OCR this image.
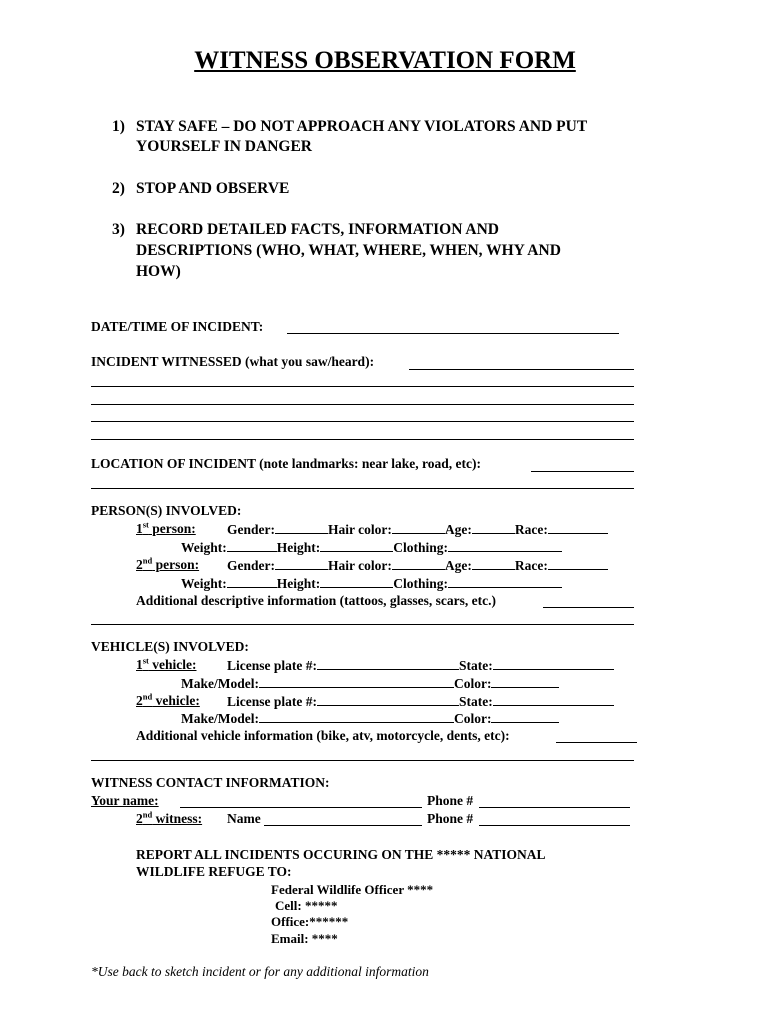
WITNESS OBSERVATION FORM
1) STAY SAFE – DO NOT APPROACH ANY VIOLATORS AND PUT
YOURSELF IN DANGER
2) STOP AND OBSERVE
3) RECORD DETAILED FACTS, INFORMATION AND
DESCRIPTIONS (WHO, WHAT, WHERE, WHEN, WHY AND
HOW)
DATE/TIME OF INCIDENT:
INCIDENT WITNESSED (what you saw/heard):
LOCATION OF INCIDENT (note landmarks: near lake, road, etc):
PERSON(S) INVOLVED:
1st person: Gender:	Hair color:	Age:	Race:
Weight:	Height:	Clothing:
2nd person: Gender:	Hair color:	Age:	Race:
Weight:	Height:	Clothing:
Additional descriptive information (tattoos, glasses, scars, etc.)
VEHICLE(S) INVOLVED:
1st vehicle: License plate #:	State:
Make/Model:	Color:
2nd vehicle: License plate #:	State:
Make/Model:	Color:
Additional vehicle information (bike, atv, motorcycle, dents, etc):
WITNESS CONTACT INFORMATION:
Your name:	Phone #
2nd witness: Name	Phone #
REPORT ALL INCIDENTS OCCURING ON THE ***** NATIONAL
WILDLIFE REFUGE TO:
Federal Wildlife Officer ****
Cell: *****
Office:******
Email: ****
*Use back to sketch incident or for any additional information
